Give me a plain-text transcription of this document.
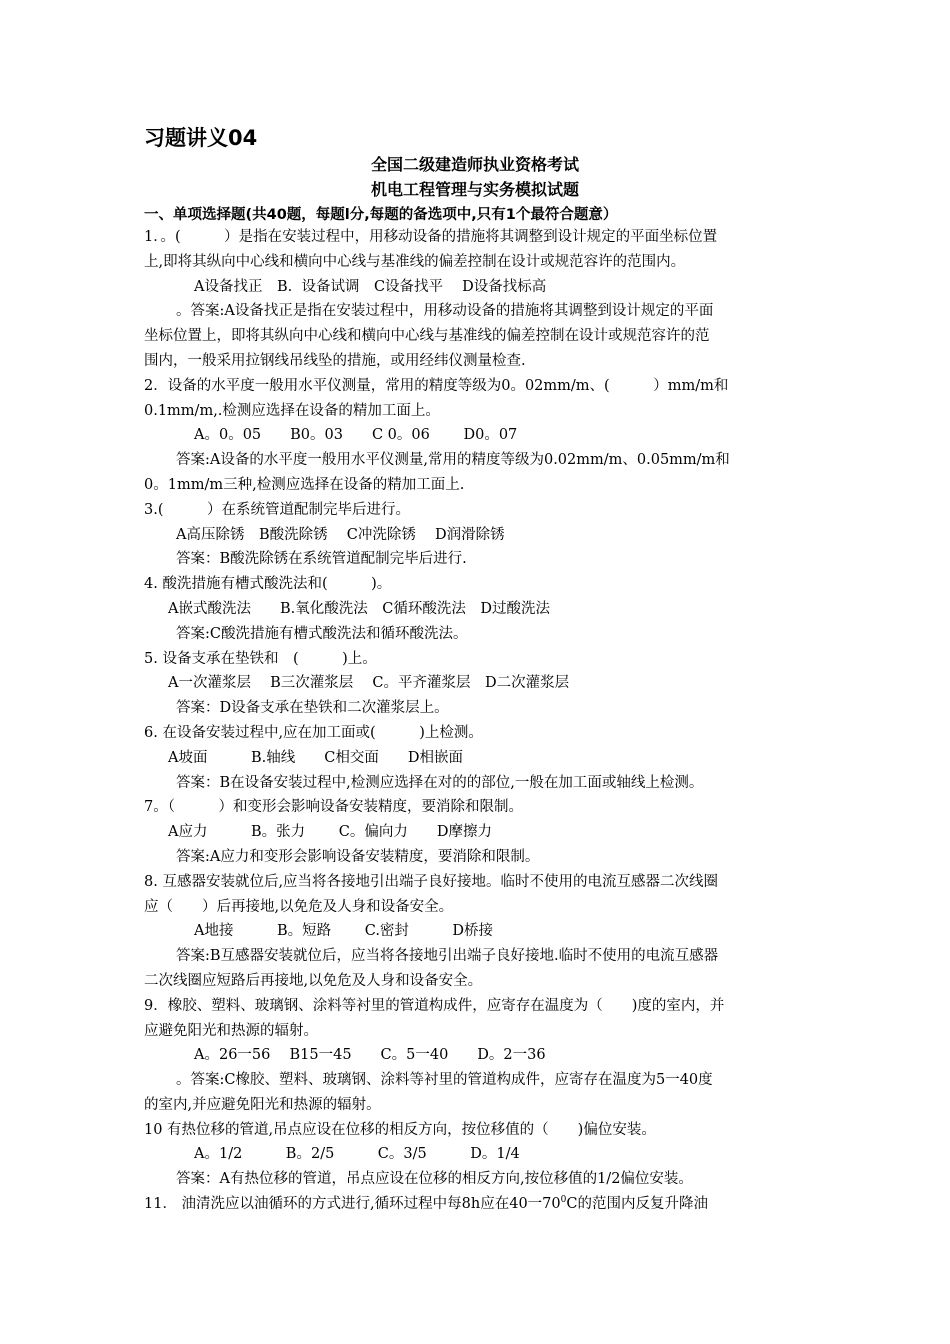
习题讲义04
全国二级建造师执业资格考试
机电工程管理与实务模拟试题
一、单项选择题(共40题，每题l分,每题的备选项中,只有1个最符合题意）
1．。(　　　）是指在安装过程中，用移动设备的措施将其调整到设计规定的平面坐标位置
上,即将其纵向中心线和横向中心线与基准线的偏差控制在设计或规范容许的范围内。
A设备找正　B.  设备试调　C设备找平　 D设备找标高
。答案:A设备找正是指在安装过程中，用移动设备的措施将其调整到设计规定的平面
坐标位置上，即将其纵向中心线和横向中心线与基准线的偏差控制在设计或规范容许的范
围内，一般采用拉钢线吊线坠的措施，或用经纬仪测量检查.
2．设备的水平度一般用水平仪测量，常用的精度等级为0。02mm/m、(　　　）mm/m和
0.1mm/m,.检测应选择在设备的精加工面上。
A。0。05　　B0。03　　C 0。06　　 D0。07
答案:A设备的水平度一般用水平仪测量,常用的精度等级为0.02mm/m、0.05mm/m和
0。1mm/m三种,检测应选择在设备的精加工面上.
3.(　　　）在系统管道配制完毕后进行。
A高压除锈　B酸洗除锈　 C冲洗除锈　 D润滑除锈
答案：B酸洗除锈在系统管道配制完毕后进行.
4. 酸洗措施有槽式酸洗法和(　　　)。
A嵌式酸洗法　　B.氧化酸洗法　C循环酸洗法　D过酸洗法
答案:C酸洗措施有槽式酸洗法和循环酸洗法。
5. 设备支承在垫铁和　(　　　)上。
A一次灌浆层　 B三次灌浆层　 C。平齐灌浆层　D二次灌浆层
答案：D设备支承在垫铁和二次灌浆层上。
6. 在设备安装过程中,应在加工面或(　　　)上检测。
A坡面　　　B.轴线　　C相交面　　D相嵌面
答案：B在设备安装过程中,检测应选择在对的的部位,一般在加工面或轴线上检测。
7。（　　　）和变形会影响设备安装精度，要消除和限制。
A应力　　　B。张力　　 C。偏向力　　D摩擦力
答案:A应力和变形会影响设备安装精度，要消除和限制。
8. 互感器安装就位后,应当将各接地引出端子良好接地。临时不使用的电流互感器二次线圈
应（　　）后再接地,以免危及人身和设备安全。
A地接　　　B。短路　　 C.密封　　　D桥接
答案:B互感器安装就位后，应当将各接地引出端子良好接地.临时不使用的电流互感器
二次线圈应短路后再接地,以免危及人身和设备安全。
9．橡胶、塑料、玻璃钢、涂料等衬里的管道构成件，应寄存在温度为（　　)度的室内，并
应避免阳光和热源的辐射。
A。26一56　 B15一45　　C。5一40　　D。2一36
。答案:C橡胶、塑料、玻璃钢、涂料等衬里的管道构成件，应寄存在温度为5一40度
的室内,并应避免阳光和热源的辐射。
10 有热位移的管道,吊点应设在位移的相反方向，按位移值的（　　)偏位安装。
A。1/2　　　B。2/5　　　C。3/5　　　D。1/4
答案：A有热位移的管道，吊点应设在位移的相反方向,按位移值的1/2偏位安装。
11． 油清洗应以油循环的方式进行,循环过程中每8h应在40一$70^0C$的范围内反复升降油
